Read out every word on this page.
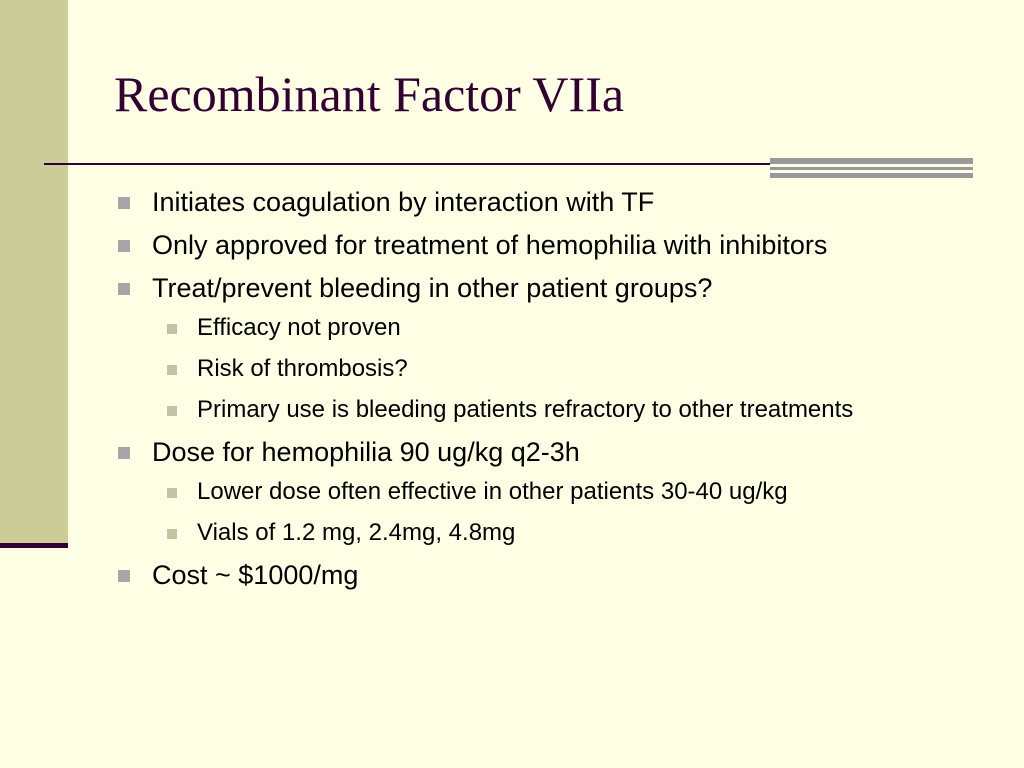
Recombinant Factor VIIa
Initiates coagulation by interaction with TF
Only approved for treatment of hemophilia with inhibitors
Treat/prevent bleeding in other patient groups?
Efficacy not proven
Risk of thrombosis?
Primary use is bleeding patients refractory to other treatments
Dose for hemophilia 90 ug/kg q2-3h
Lower dose often effective in other patients 30-40 ug/kg
Vials of 1.2 mg, 2.4mg, 4.8mg
Cost ~ $1000/mg
